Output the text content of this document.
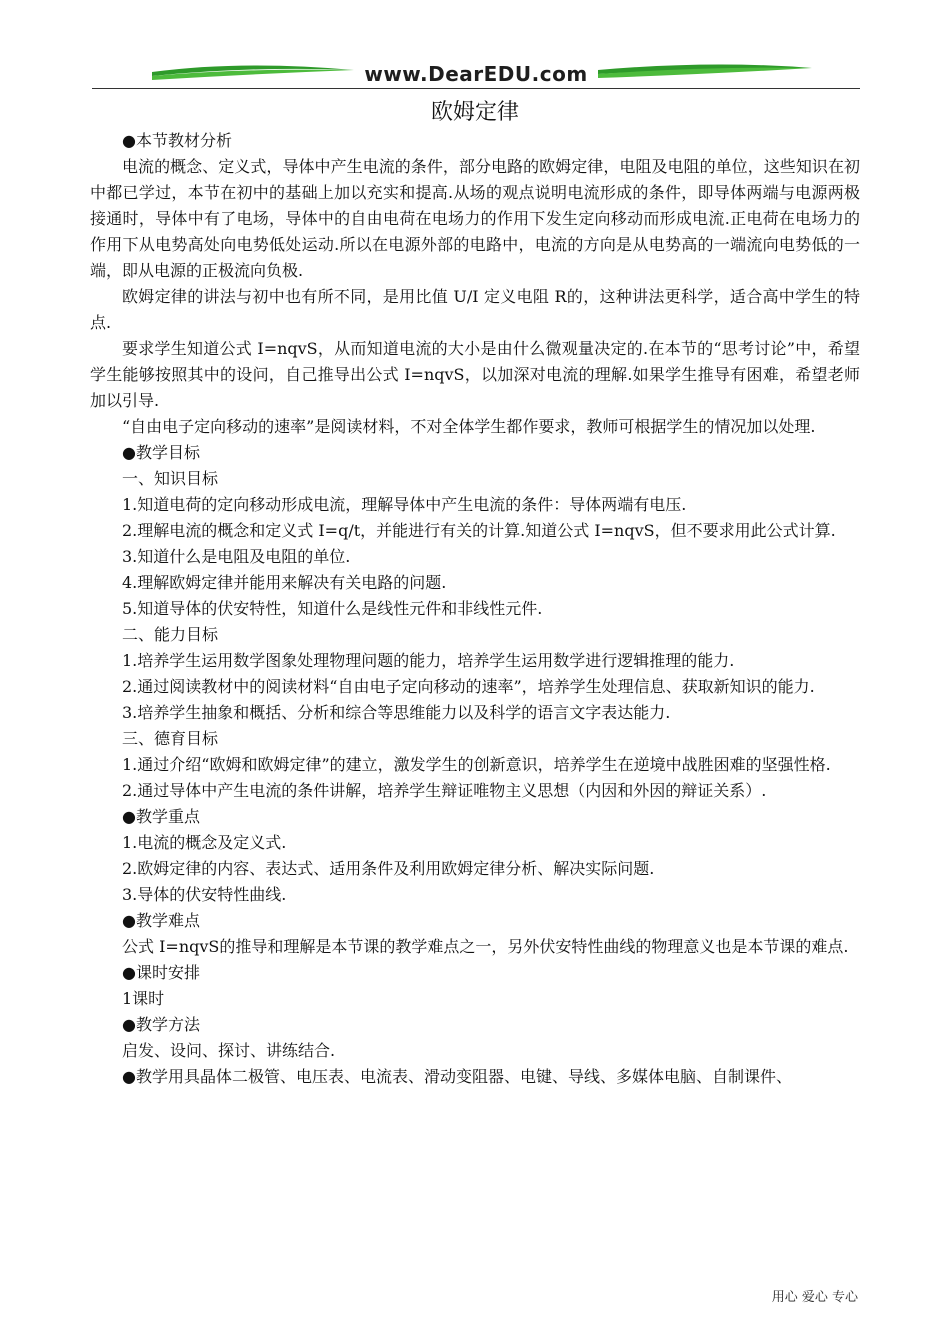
www.DearEDU.com
欧姆定律

●本节教材分析

电流的概念、定义式，导体中产生电流的条件，部分电路的欧姆定律，电阻及电阻的单位，这些知识在初中都已学过，本节在初中的基础上加以充实和提高.从场的观点说明电流形成的条件，即导体两端与电源两极接通时，导体中有了电场，导体中的自由电荷在电场力的作用下发生定向移动而形成电流.正电荷在电场力的作用下从电势高处向电势低处运动.所以在电源外部的电路中，电流的方向是从电势高的一端流向电势低的一端，即从电源的正极流向负极.

欧姆定律的讲法与初中也有所不同，是用比值 U/I 定义电阻 R的，这种讲法更科学，适合高中学生的特点.

要求学生知道公式 I=nqvS，从而知道电流的大小是由什么微观量决定的.在本节的“思考讨论”中，希望学生能够按照其中的设问，自己推导出公式 I=nqvS，以加深对电流的理解.如果学生推导有困难，希望老师加以引导.

“自由电子定向移动的速率”是阅读材料，不对全体学生都作要求，教师可根据学生的情况加以处理.

●教学目标

一、知识目标

1.知道电荷的定向移动形成电流，理解导体中产生电流的条件：导体两端有电压.

2.理解电流的概念和定义式 I=q/t，并能进行有关的计算.知道公式 I=nqvS，但不要求用此公式计算.

3.知道什么是电阻及电阻的单位.

4.理解欧姆定律并能用来解决有关电路的问题.

5.知道导体的伏安特性，知道什么是线性元件和非线性元件.

二、能力目标

1.培养学生运用数学图象处理物理问题的能力，培养学生运用数学进行逻辑推理的能力.

2.通过阅读教材中的阅读材料“自由电子定向移动的速率”，培养学生处理信息、获取新知识的能力.

3.培养学生抽象和概括、分析和综合等思维能力以及科学的语言文字表达能力.

三、德育目标

1.通过介绍“欧姆和欧姆定律”的建立，激发学生的创新意识，培养学生在逆境中战胜困难的坚强性格.

2.通过导体中产生电流的条件讲解，培养学生辩证唯物主义思想（内因和外因的辩证关系）.

●教学重点

1.电流的概念及定义式.

2.欧姆定律的内容、表达式、适用条件及利用欧姆定律分析、解决实际问题.

3.导体的伏安特性曲线.

●教学难点

公式 I=nqvS的推导和理解是本节课的教学难点之一，另外伏安特性曲线的物理意义也是本节课的难点.

●课时安排

1课时

●教学方法

启发、设问、探讨、讲练结合.

●教学用具晶体二极管、电压表、电流表、滑动变阻器、电键、导线、多媒体电脑、自制课件、

用心 爱心 专心
